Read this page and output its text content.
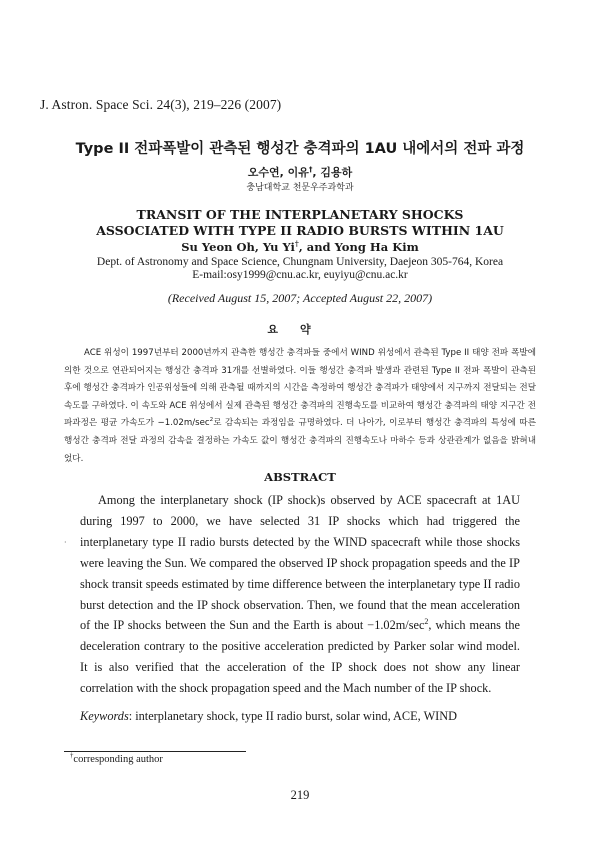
J. Astron. Space Sci. 24(3), 219–226 (2007)
Type II 전파폭발이 관측된 행성간 충격파의 1AU 내에서의 전파 과정
오수연, 이유†, 김용하
충남대학교 천문우주과학과
TRANSIT OF THE INTERPLANETARY SHOCKS
ASSOCIATED WITH TYPE II RADIO BURSTS WITHIN 1AU
Su Yeon Oh, Yu Yi†, and Yong Ha Kim
Dept. of Astronomy and Space Science, Chungnam University, Daejeon 305-764, Korea
E-mail:osy1999@cnu.ac.kr, euyiyu@cnu.ac.kr
(Received August 15, 2007; Accepted August 22, 2007)
요약

ACE 위성이 1997년부터 2000년까지 관측한 행성간 충격파들 중에서 WIND 위성에서 관측된 Type II 태양 전파 폭발에 의한 것으로 연관되어지는 행성간 충격파 31개를 선별하였다. 이들 행성간 충격파 발생과 관련된 Type II 전파 폭발이 관측된 후에 행성간 충격파가 인공위성들에 의해 관측될 때까지의 시간을 측정하여 행성간 충격파가 태양에서 지구까지 전달되는 전달속도를 구하였다. 이 속도와 ACE 위성에서 실제 관측된 행성간 충격파의 진행속도를 비교하여 행성간 충격파의 태양 지구간 전파과정은 평균 가속도가 $-1.02m/\sec^2$로 감속되는 과정임을 규명하였다. 더 나아가, 이로부터 행성간 충격파의 특성에 따른 행성간 충격파 전달 과정의 감속을 결정하는 가속도 값이 행성간 충격파의 진행속도나 마하수 등과 상관관계가 없음을 밝혀내었다.

ABSTRACT
·

Among the interplanetary shock (IP shock)s observed by ACE spacecraft at 1AU during 1997 to 2000, we have selected 31 IP shocks which had triggered the interplanetary type II radio bursts detected by the WIND spacecraft while those shocks were leaving the Sun. We compared the observed IP shock propagation speeds and the IP shock transit speeds estimated by time difference between the interplanetary type II radio burst detection and the IP shock observation. Then, we found that the mean acceleration of the IP shocks between the Sun and the Earth is about $-1.02m/\sec^2$, which means the deceleration contrary to the positive acceleration predicted by Parker solar wind model. It is also verified that the acceleration of the IP shock does not show any linear correlation with the shock propagation speed and the Mach number of the IP shock.

Keywords: interplanetary shock, type II radio burst, solar wind, ACE, WIND
†corresponding author
219
